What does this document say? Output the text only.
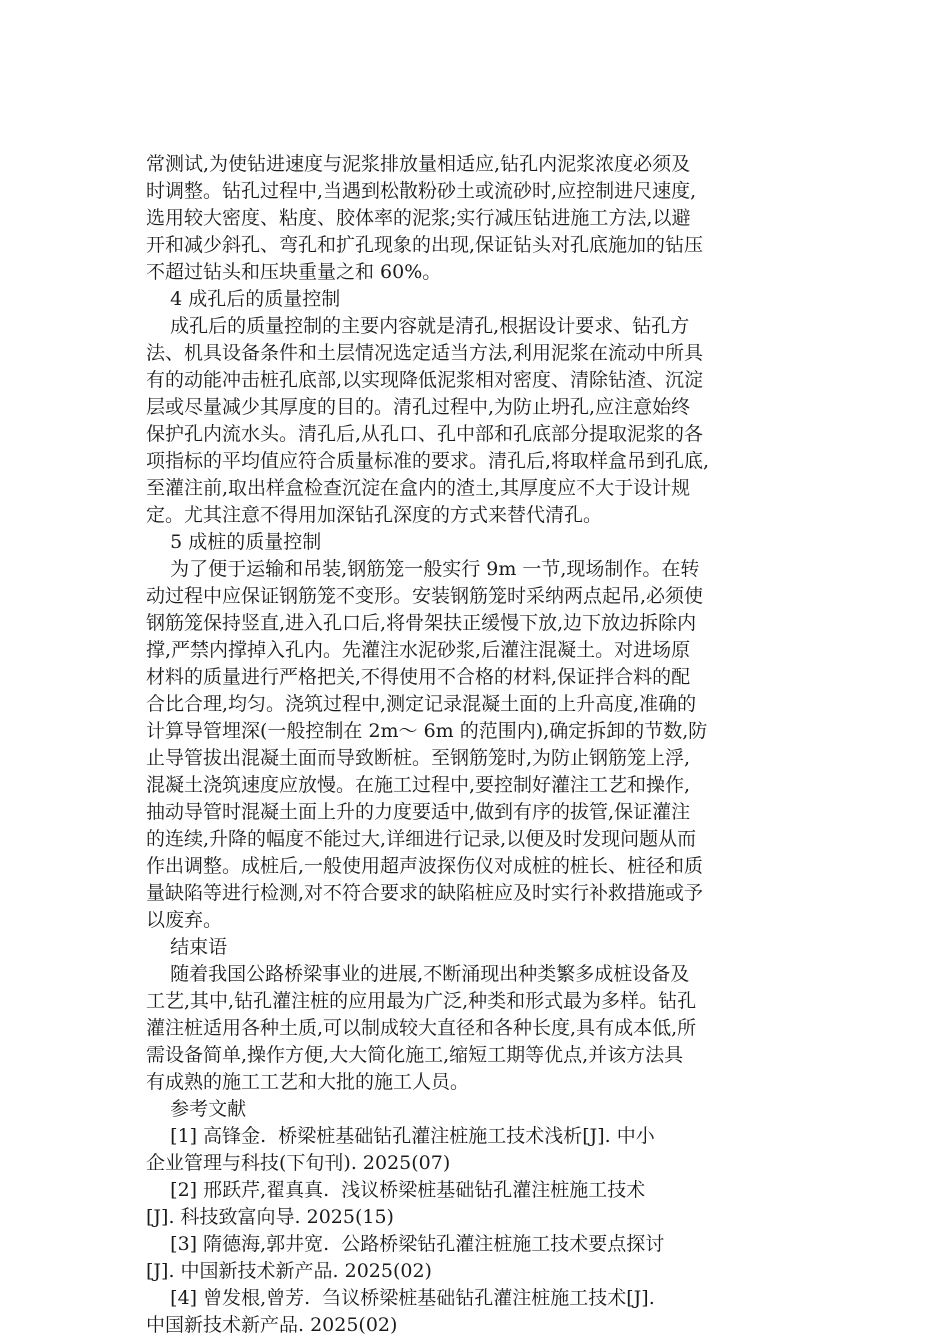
常测试,为使钻进速度与泥浆排放量相适应,钻孔内泥浆浓度必须及
时调整。钻孔过程中,当遇到松散粉砂土或流砂时,应控制进尺速度,
选用较大密度、粘度、胶体率的泥浆;实行减压钻进施工方法,以避
开和减少斜孔、弯孔和扩孔现象的出现,保证钻头对孔底施加的钻压
不超过钻头和压块重量之和 60%。
4 成孔后的质量控制
成孔后的质量控制的主要内容就是清孔,根据设计要求、钻孔方
法、机具设备条件和土层情况选定适当方法,利用泥浆在流动中所具
有的动能冲击桩孔底部,以实现降低泥浆相对密度、清除钻渣、沉淀
层或尽量减少其厚度的目的。清孔过程中,为防止坍孔,应注意始终
保护孔内流水头。清孔后,从孔口、孔中部和孔底部分提取泥浆的各
项指标的平均值应符合质量标准的要求。清孔后,将取样盒吊到孔底,
至灌注前,取出样盒检查沉淀在盒内的渣土,其厚度应不大于设计规
定。尤其注意不得用加深钻孔深度的方式来替代清孔。
5 成桩的质量控制
为了便于运输和吊装,钢筋笼一般实行 9m 一节,现场制作。在转
动过程中应保证钢筋笼不变形。安装钢筋笼时采纳两点起吊,必须使
钢筋笼保持竖直,进入孔口后,将骨架扶正缓慢下放,边下放边拆除内
撑,严禁内撑掉入孔内。先灌注水泥砂浆,后灌注混凝土。对进场原
材料的质量进行严格把关,不得使用不合格的材料,保证拌合料的配
合比合理,均匀。浇筑过程中,测定记录混凝土面的上升高度,准确的
计算导管埋深(一般控制在 2m～ 6m 的范围内),确定拆卸的节数,防
止导管拔出混凝土面而导致断桩。至钢筋笼时,为防止钢筋笼上浮,
混凝土浇筑速度应放慢。在施工过程中,要控制好灌注工艺和操作,
抽动导管时混凝土面上升的力度要适中,做到有序的拔管,保证灌注
的连续,升降的幅度不能过大,详细进行记录,以便及时发现问题从而
作出调整。成桩后,一般使用超声波探伤仪对成桩的桩长、桩径和质
量缺陷等进行检测,对不符合要求的缺陷桩应及时实行补救措施或予
以废弃。
结束语
随着我国公路桥梁事业的进展,不断涌现出种类繁多成桩设备及
工艺,其中,钻孔灌注桩的应用最为广泛,种类和形式最为多样。钻孔
灌注桩适用各种土质,可以制成较大直径和各种长度,具有成本低,所
需设备简单,操作方便,大大简化施工,缩短工期等优点,并该方法具
有成熟的施工工艺和大批的施工人员。
参考文献
[1] 高锋金.  桥梁桩基础钻孔灌注桩施工技术浅析[J]. 中小
企业管理与科技(下旬刊). 2025(07)
[2] 邢跃芹,翟真真.  浅议桥梁桩基础钻孔灌注桩施工技术
[J]. 科技致富向导. 2025(15)
[3] 隋德海,郭井宽.  公路桥梁钻孔灌注桩施工技术要点探讨
[J]. 中国新技术新产品. 2025(02)
[4] 曾发根,曾芳.  刍议桥梁桩基础钻孔灌注桩施工技术[J].
中国新技术新产品. 2025(02)
